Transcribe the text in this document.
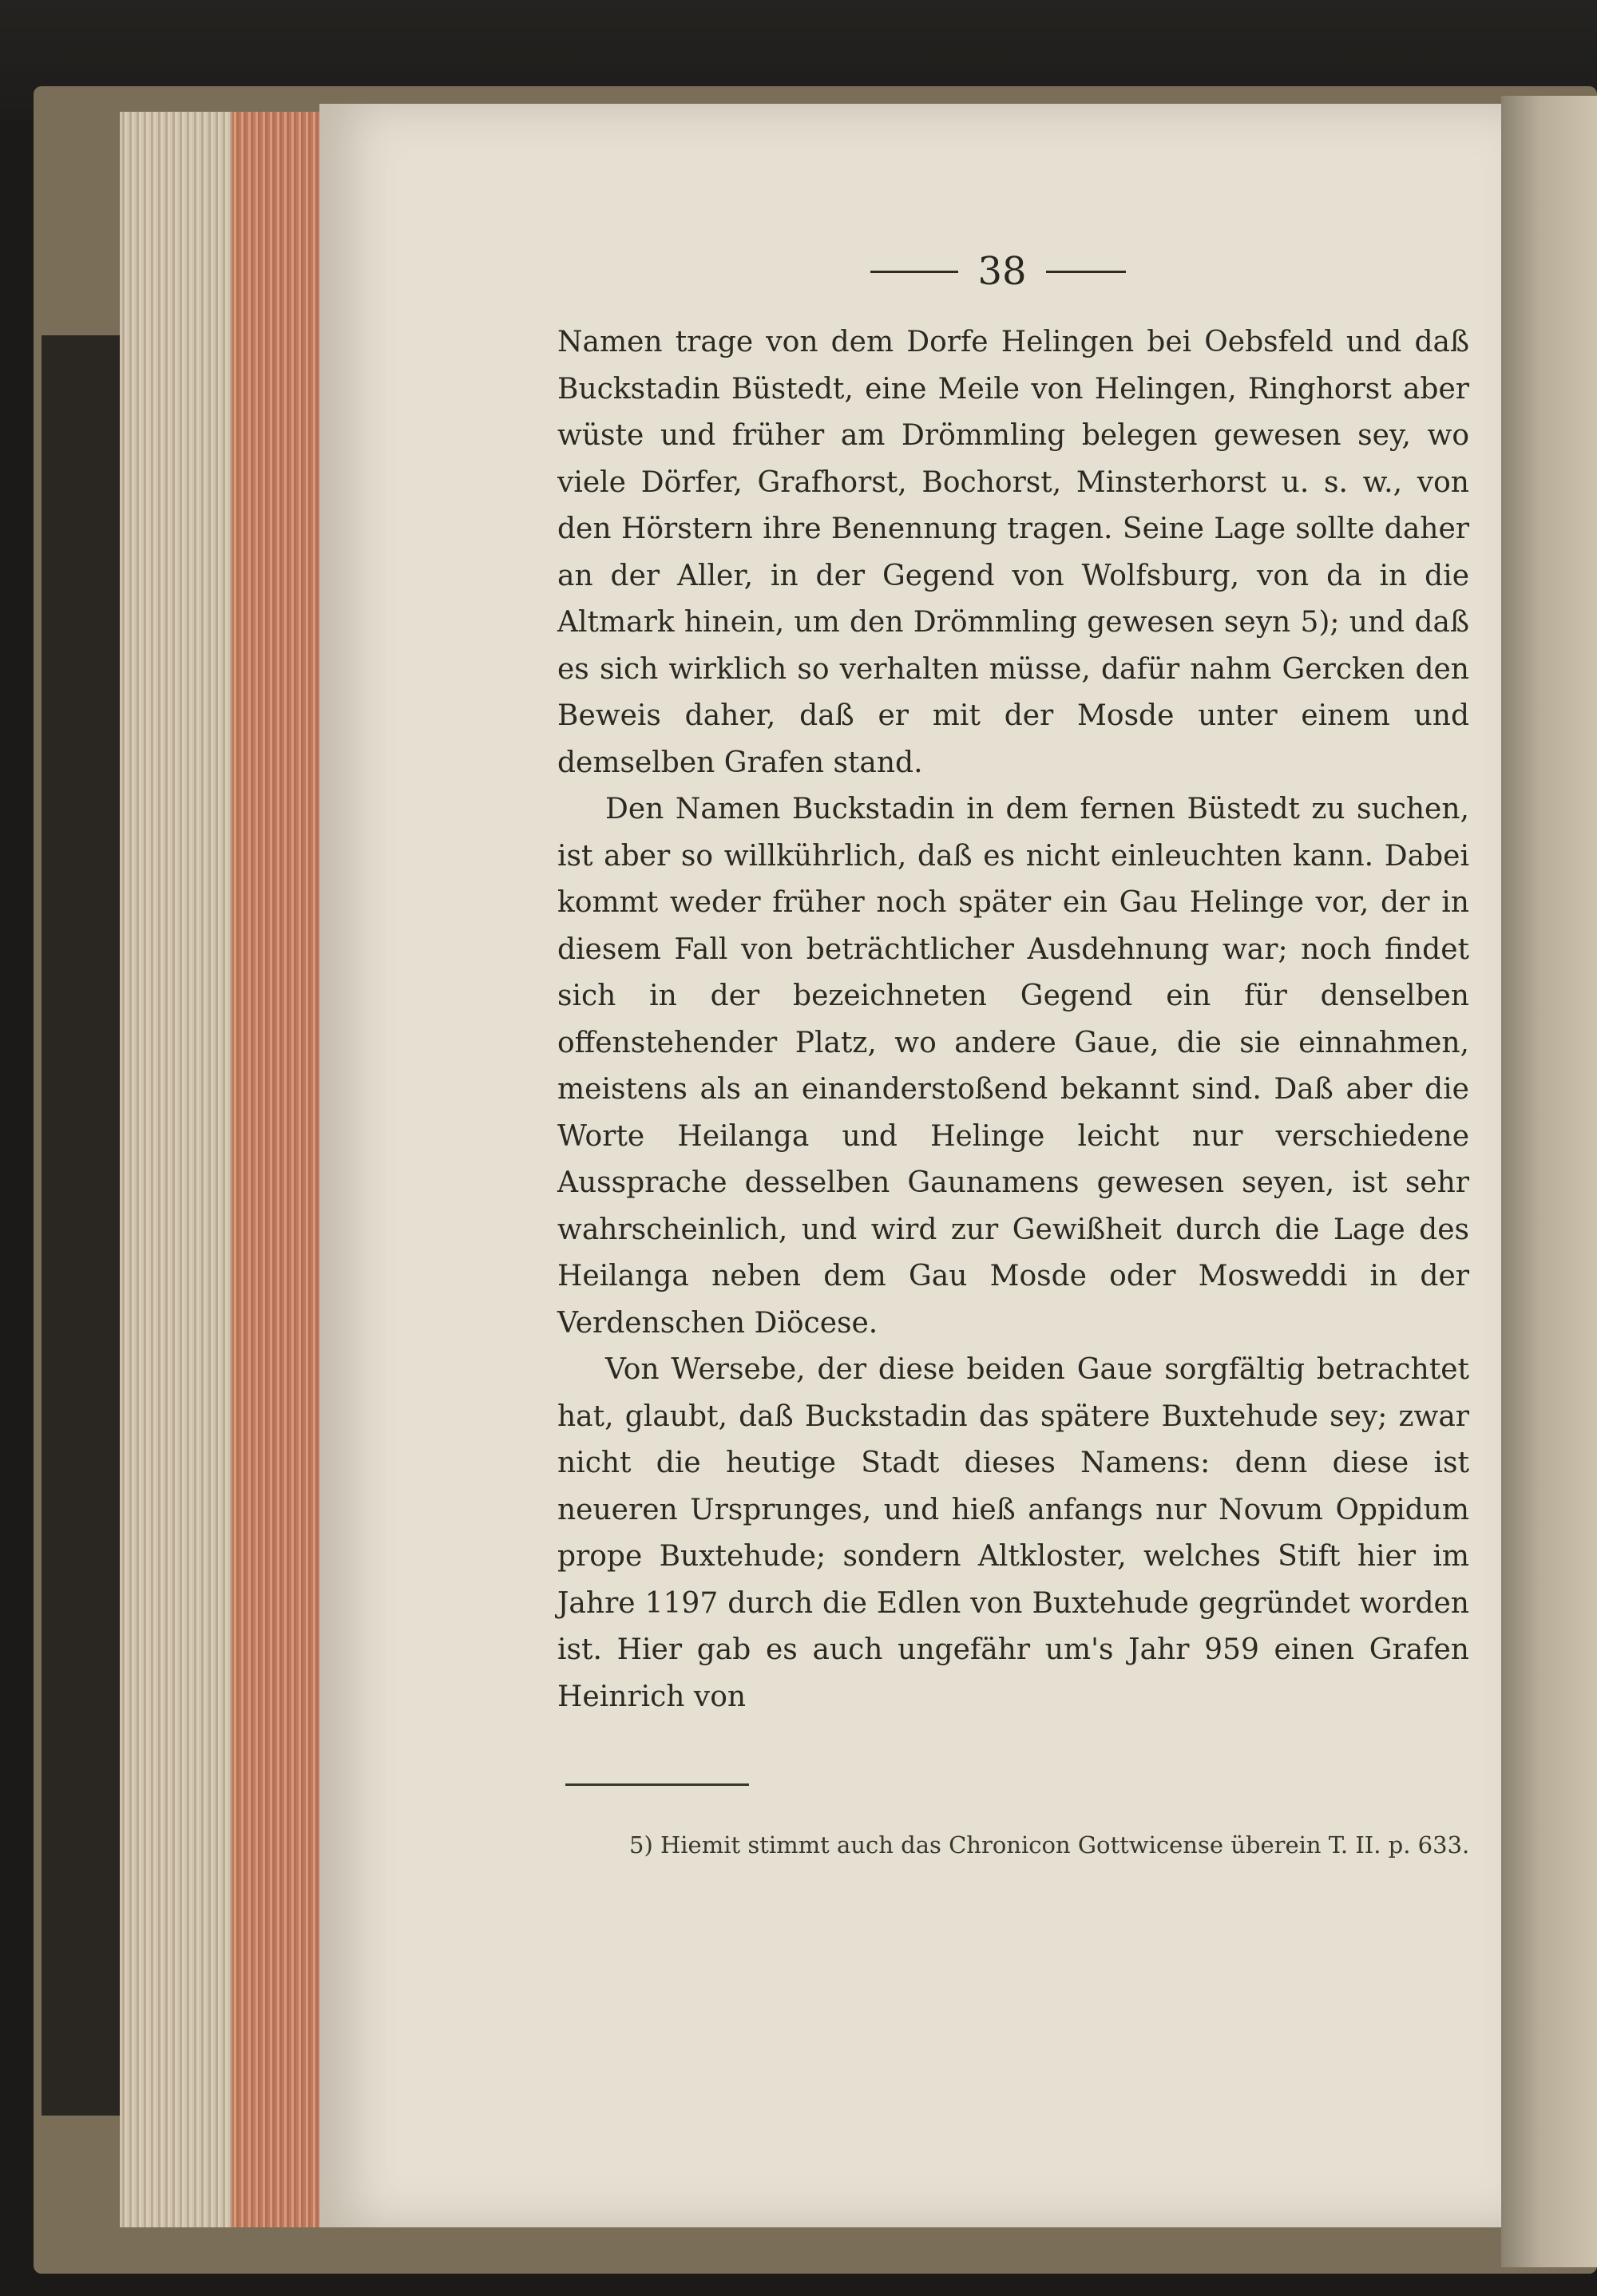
38

Namen trage von dem Dorfe Helingen bei Oebsfeld und daß Buckstadin Büstedt, eine Meile von Helingen, Ringhorst aber wüste und früher am Drömmling belegen gewesen sey, wo viele Dörfer, Grafhorst, Bochorst, Minsterhorst u. s. w., von den Hörstern ihre Benennung tragen. Seine Lage sollte daher an der Aller, in der Gegend von Wolfsburg, von da in die Altmark hinein, um den Drömmling gewesen seyn 5); und daß es sich wirklich so verhalten müsse, dafür nahm Gercken den Beweis daher, daß er mit der Mosde unter einem und demselben Grafen stand.

Den Namen Buckstadin in dem fernen Büstedt zu suchen, ist aber so willkührlich, daß es nicht einleuchten kann. Dabei kommt weder früher noch später ein Gau Helinge vor, der in diesem Fall von beträchtlicher Ausdehnung war; noch findet sich in der bezeichneten Gegend ein für denselben offenstehender Platz, wo andere Gaue, die sie einnahmen, meistens als an einanderstoßend bekannt sind. Daß aber die Worte Heilanga und Helinge leicht nur verschiedene Aussprache desselben Gaunamens gewesen seyen, ist sehr wahrscheinlich, und wird zur Gewißheit durch die Lage des Heilanga neben dem Gau Mosde oder Mosweddi in der Verdenschen Diöcese.

Von Wersebe, der diese beiden Gaue sorgfältig betrachtet hat, glaubt, daß Buckstadin das spätere Buxtehude sey; zwar nicht die heutige Stadt dieses Namens: denn diese ist neueren Ursprunges, und hieß anfangs nur Novum Oppidum prope Buxtehude; sondern Altkloster, welches Stift hier im Jahre 1197 durch die Edlen von Buxtehude gegründet worden ist. Hier gab es auch ungefähr um's Jahr 959 einen Grafen Heinrich von

5) Hiemit stimmt auch das Chronicon Gottwicense überein T. II. p. 633.
